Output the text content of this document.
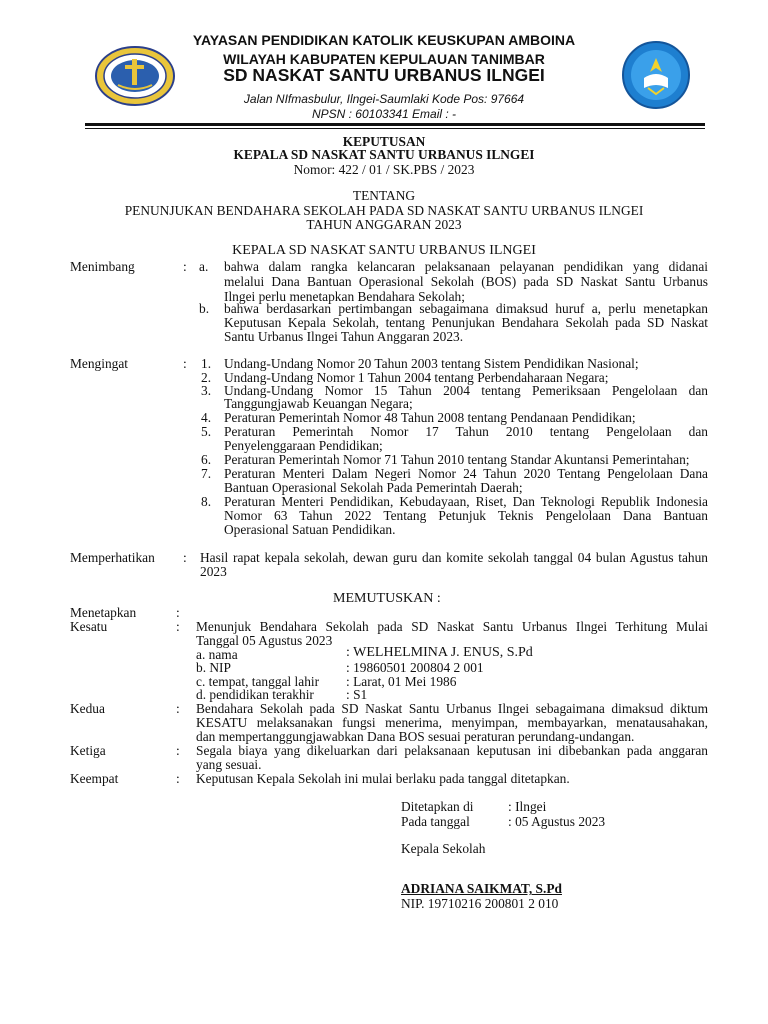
YAYASAN PENDIDIKAN KATOLIK KEUSKUPAN AMBOINA
WILAYAH KABUPATEN KEPULAUAN TANIMBAR
SD NASKAT SANTU URBANUS ILNGEI
Jalan NIfmasbulur, Ilngei-Saumlaki Kode Pos: 97664
NPSN : 60103341 Email : -
KEPUTUSAN
KEPALA SD NASKAT SANTU URBANUS ILNGEI
Nomor: 422 / 01 / SK.PBS / 2023
TENTANG
PENUNJUKAN BENDAHARA SEKOLAH PADA SD NASKAT SANTU URBANUS ILNGEI
TAHUN ANGGARAN 2023
KEPALA SD NASKAT SANTU URBANUS ILNGEI
Menimbang	: a. bahwa dalam rangka kelancaran pelaksanaan pelayanan pendidikan yang didanai
melalui Dana Bantuan Operasional Sekolah (BOS) pada SD Naskat Santu Urbanus
Ilngei perlu menetapkan Bendahara Sekolah;
b. bahwa berdasarkan pertimbangan sebagaimana dimaksud huruf a, perlu menetapkan
Keputusan Kepala Sekolah, tentang Penunjukan Bendahara Sekolah pada SD Naskat
Santu Urbanus Ilngei Tahun Anggaran 2023.
Mengingat	: 1. Undang-Undang Nomor 20 Tahun 2003 tentang Sistem Pendidikan Nasional;
2. Undang-Undang Nomor 1 Tahun 2004 tentang Perbendaharaan Negara;
3. Undang-Undang Nomor 15 Tahun 2004 tentang Pemeriksaan Pengelolaan dan
Tanggungjawab Keuangan Negara;
4. Peraturan Pemerintah Nomor 48 Tahun 2008 tentang Pendanaan Pendidikan;
5. Peraturan Pemerintah Nomor 17 Tahun 2010 tentang Pengelolaan dan
Penyelenggaraan Pendidikan;
6. Peraturan Pemerintah Nomor 71 Tahun 2010 tentang Standar Akuntansi Pemerintahan;
7. Peraturan Menteri Dalam Negeri Nomor 24 Tahun 2020 Tentang Pengelolaan Dana
Bantuan Operasional Sekolah Pada Pemerintah Daerah;
8. Peraturan Menteri Pendidikan, Kebudayaan, Riset, Dan Teknologi Republik Indonesia
Nomor 63 Tahun 2022 Tentang Petunjuk Teknis Pengelolaan Dana Bantuan
Operasional Satuan Pendidikan.
Memperhatikan : Hasil rapat kepala sekolah, dewan guru dan komite sekolah tanggal 04 bulan Agustus tahun
2023
MEMUTUSKAN :
Menetapkan	:
Kesatu	: Menunjuk Bendahara Sekolah pada SD Naskat Santu Urbanus Ilngei Terhitung Mulai
Tanggal 05 Agustus 2023
a. nama	: WELHELMINA J. ENUS, S.Pd
b. NIP	: 19860501 200804 2 001
c. tempat, tanggal lahir : Larat, 01 Mei 1986
d. pendidikan terakhir : S1
Kedua	: Bendahara Sekolah pada SD Naskat Santu Urbanus Ilngei sebagaimana dimaksud diktum
KESATU melaksanakan fungsi menerima, menyimpan, membayarkan, menatausahakan,
dan mempertanggungjawabkan Dana BOS sesuai peraturan perundang-undangan.
Ketiga	: Segala biaya yang dikeluarkan dari pelaksanaan keputusan ini dibebankan pada anggaran
yang sesuai.
Keempat	: Keputusan Kepala Sekolah ini mulai berlaku pada tanggal ditetapkan.
Ditetapkan di	: Ilngei
Pada tanggal	: 05 Agustus 2023
Kepala Sekolah
ADRIANA SAIKMAT, S.Pd
NIP. 19710216 200801 2 010
